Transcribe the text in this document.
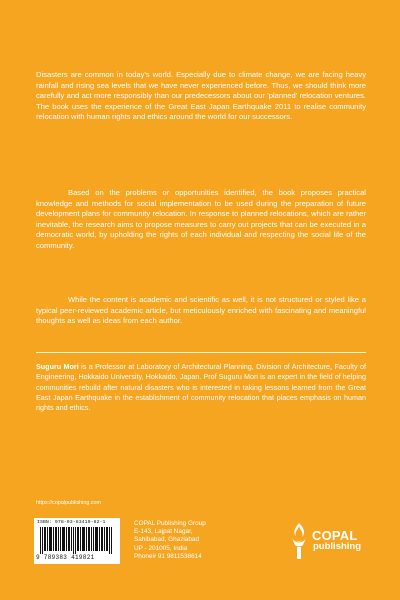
Disasters are common in today's world. Especially due to climate change, we are facing heavy rainfall and rising sea levels that we have never experienced before. Thus, we should think more carefully and act more responsibly than our predecessors about our 'planned' relocation ventures. The book uses the experience of the Great East Japan Earthquake 2011 to realise community relocation with human rights and ethics around the world for our successors.

Based on the problems or opportunities identified, the book proposes practical knowledge and methods for social implementation to be used during the preparation of future development plans for community relocation. In response to planned relocations, which are rather inevitable, the research aims to propose measures to carry out projects that can be executed in a democratic world, by upholding the rights of each individual and respecting the social life of the community.

While the content is academic and scientific as well, it is not structured or styled like a typical peer-reviewed academic article, but meticulously enriched with fascinating and meaningful thoughts as well as ideas from each author.

Suguru Mori is a Professor at Laboratory of Architectural Planning, Division of Architecture, Faculty of Engineering, Hokkaido University, Hokkaido, Japan. Prof Suguru Mori is an expert in the field of helping communities rebuild after natural disasters who is interested in taking lessons learned from the Great East Japan Earthquake in the establishment of community relocation that places emphasis on human rights and ethics.
https://copalpublishing.com
ISBN: 978-93-83419-82-1
9 789383 419821
COPAL Publishing Group
E-143, Lajpat Nagar,
Sahibabad, Ghaziabad
UP - 201005, India
Phone# 91 9811538614
COPAL
publishing
